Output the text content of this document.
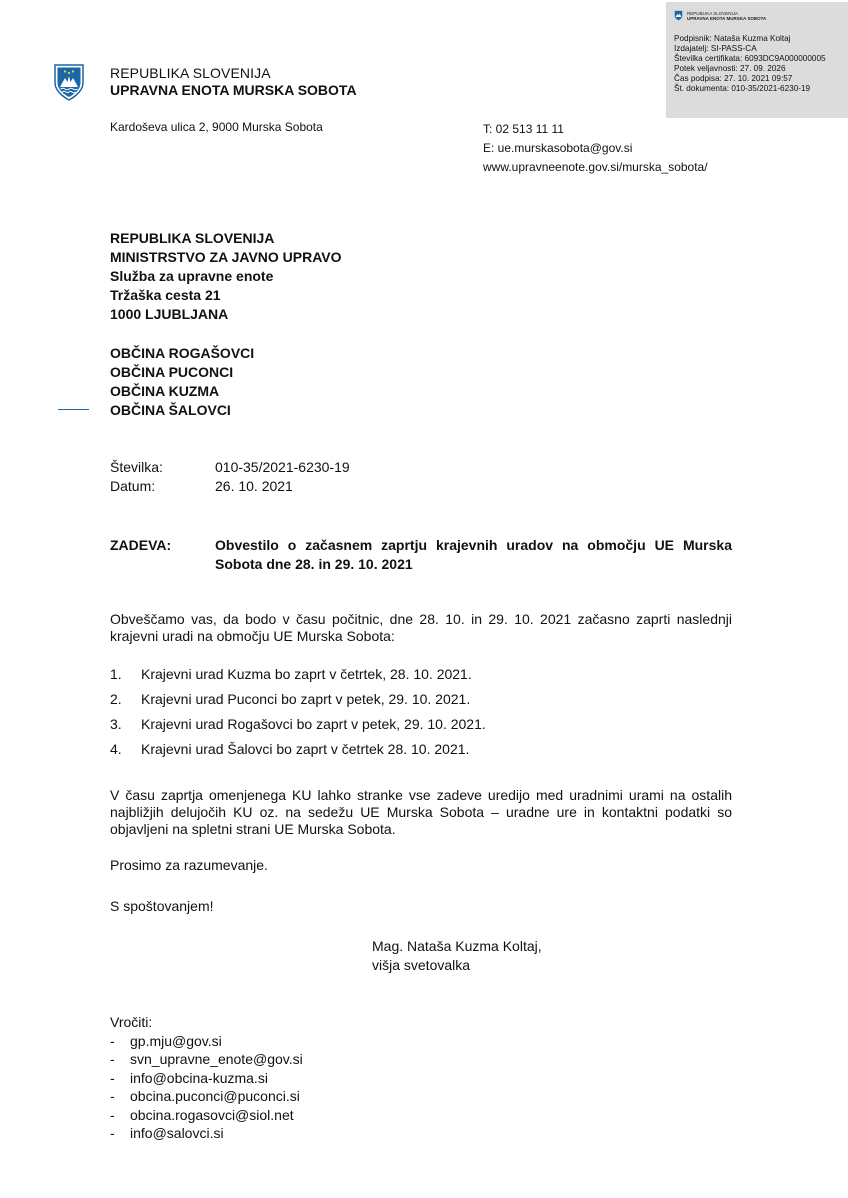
REPUBLIKA SLOVENIJA
UPRAVNA ENOTA MURSKA SOBOTA
Podpisnik: Nataša Kuzma Koltaj
Izdajatelj: SI-PASS-CA
Številka certifikata: 6093DC9A000000005
Potek veljavnosti: 27. 09. 2026
Čas podpisa: 27. 10. 2021 09:57
Št. dokumenta: 010-35/2021-6230-19
REPUBLIKA SLOVENIJA
UPRAVNA ENOTA MURSKA SOBOTA
Kardoševa ulica 2, 9000 Murska Sobota	T: 02 513 11 11
E: ue.murskasobota@gov.si
www.upravneenote.gov.si/murska_sobota/
REPUBLIKA SLOVENIJA
MINISTRSTVO ZA JAVNO UPRAVO
Služba za upravne enote
Tržaška cesta 21
1000 LJUBLJANA
OBČINA ROGAŠOVCI
OBČINA PUCONCI
OBČINA KUZMA
OBČINA ŠALOVCI
Številka:	010-35/2021-6230-19
Datum:	26. 10. 2021
ZADEVA:	Obvestilo o začasnem zaprtju krajevnih uradov na območju UE Murska Sobota dne 28. in 29. 10. 2021
Obveščamo vas, da bodo v času počitnic, dne 28. 10. in 29. 10. 2021 začasno zaprti naslednji krajevni uradi na območju UE Murska Sobota:
1. Krajevni urad Kuzma bo zaprt v četrtek, 28. 10. 2021.
2. Krajevni urad Puconci bo zaprt v petek, 29. 10. 2021.
3. Krajevni urad Rogašovci bo zaprt v petek, 29. 10. 2021.
4. Krajevni urad Šalovci bo zaprt v četrtek 28. 10. 2021.
V času zaprtja omenjenega KU lahko stranke vse zadeve uredijo med uradnimi urami na ostalih najbližjih delujočih KU oz. na sedežu UE Murska Sobota – uradne ure in kontaktni podatki so objavljeni na spletni strani UE Murska Sobota.
Prosimo za razumevanje.
S spoštovanjem!
Mag. Nataša Kuzma Koltaj,
višja svetovalka
Vročiti:
- gp.mju@gov.si
- svn_upravne_enote@gov.si
- info@obcina-kuzma.si
- obcina.puconci@puconci.si
- obcina.rogasovci@siol.net
- info@salovci.si
